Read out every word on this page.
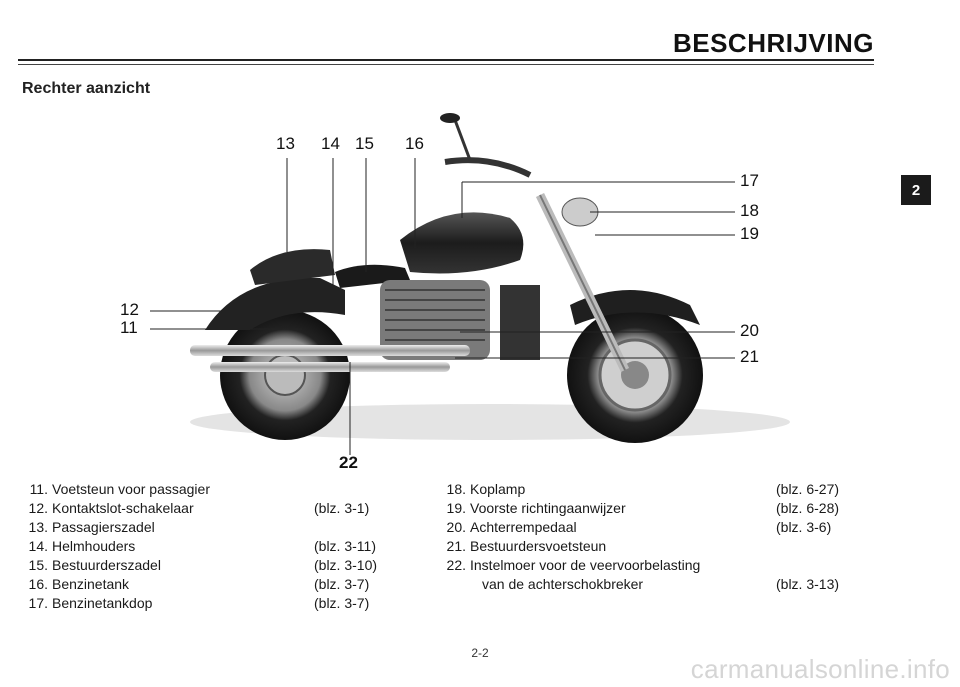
BESCHRIJVING
Rechter aanzicht
2
13 14 15 16
17
18
19
12
11	20
21
22
11. Voetsteun voor passagier
12. Kontaktslot-schakelaar	(blz. 3-1)
13. Passagierszadel
14. Helmhouders	(blz. 3-11)
15. Bestuurderszadel	(blz. 3-10)
16. Benzinetank	(blz. 3-7)
17. Benzinetankdop	(blz. 3-7)
18. Koplamp	(blz. 6-27)
19. Voorste richtingaanwijzer	(blz. 6-28)
20. Achterrempedaal	(blz. 3-6)
21. Bestuurdersvoetsteun
22. Instelmoer voor de veervoorbelasting
van de achterschokbreker	(blz. 3-13)
2-2
carmanualsonline.info
